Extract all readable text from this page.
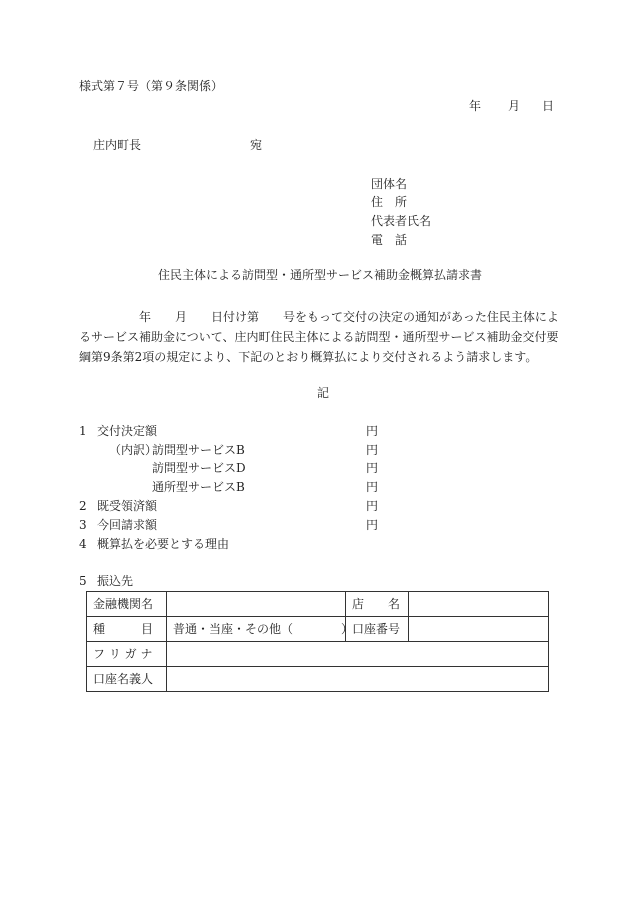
様式第７号（第９条関係）
年 月 日
庄内町長	宛
団体名
住　所
代表者氏名
電　話
住民主体による訪問型・通所型サービス補助金概算払請求書
　　　　　年　　月　　日付け第　　号をもって交付の決定の通知があった住民主体によ
るサービス補助金について、庄内町住民主体による訪問型・通所型サービス補助金交付要
綱第9条第2項の規定により、下記のとおり概算払により交付されるよう請求します。
記
1 交付決定額	円
（内訳）
訪問型サービスB	円
訪問型サービスD	円
通所型サービスB	円
2 既受領済額	円
3 今回請求額	円
4 概算払を必要とする理由
5 振込先
金融機関名		店　　名	
種　　　目	普通・当座・その他（　　　　）	口座番号	
フ リ ガ ナ			
口座名義人			
